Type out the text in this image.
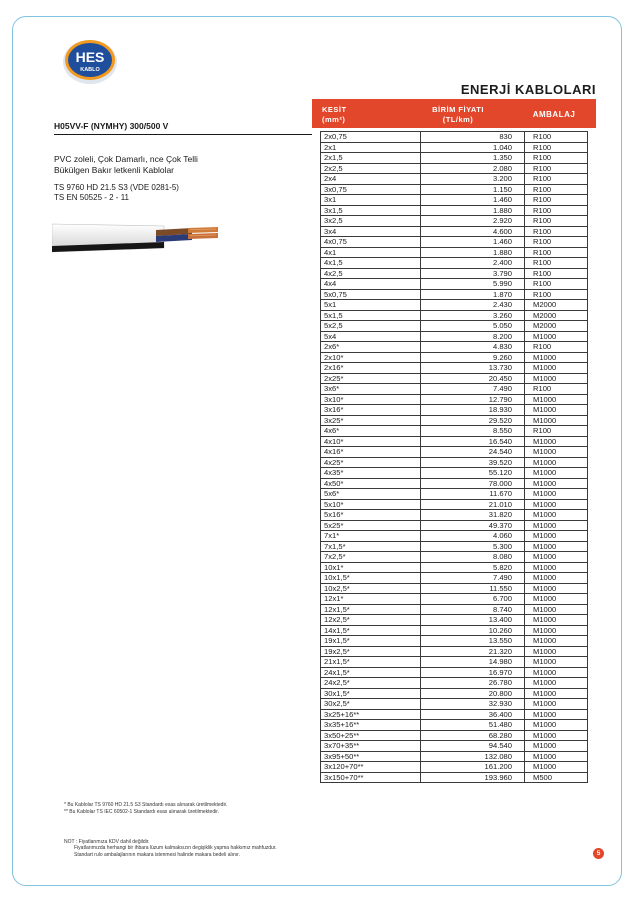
HES
KABLO
ENERJİ KABLOLARI
KESİT
(mm²)
BİRİM FİYATI
(TL/km)
AMBALAJ
H05VV-F (NYMHY) 300/500 V
PVC zoleli, Çok Damarlı, nce Çok Telli
Bükülgen Bakır letkenli Kablolar
TS 9760 HD 21.5 S3 (VDE 0281-5)
TS EN 50525 - 2 - 11
2x0,75	830	R100
2x1	1.040	R100
2x1,5	1.350	R100
2x2,5	2.080	R100
2x4	3.200	R100
3x0,75	1.150	R100
3x1	1.460	R100
3x1,5	1.880	R100
3x2,5	2.920	R100
3x4	4.600	R100
4x0,75	1.460	R100
4x1	1.880	R100
4x1,5	2.400	R100
4x2,5	3.790	R100
4x4	5.990	R100
5x0,75	1.870	R100
5x1	2.430	M2000
5x1,5	3.260	M2000
5x2,5	5.050	M2000
5x4	8.200	M1000
2x6*	4.830	R100
2x10*	9.260	M1000
2x16*	13.730	M1000
2x25*	20.450	M1000
3x6*	7.490	R100
3x10*	12.790	M1000
3x16*	18.930	M1000
3x25*	29.520	M1000
4x6*	8.550	R100
4x10*	16.540	M1000
4x16*	24.540	M1000
4x25*	39.520	M1000
4x35*	55.120	M1000
4x50*	78.000	M1000
5x6*	11.670	M1000
5x10*	21.010	M1000
5x16*	31.820	M1000
5x25*	49.370	M1000
7x1*	4.060	M1000
7x1,5*	5.300	M1000
7x2,5*	8.080	M1000
10x1*	5.820	M1000
10x1,5*	7.490	M1000
10x2,5*	11.550	M1000
12x1*	6.700	M1000
12x1,5*	8.740	M1000
12x2,5*	13.400	M1000
14x1,5*	10.260	M1000
19x1,5*	13.550	M1000
19x2,5*	21.320	M1000
21x1,5*	14.980	M1000
24x1,5*	16.970	M1000
24x2,5*	26.780	M1000
30x1,5*	20.800	M1000
30x2,5*	32.930	M1000
3x25+16**	36.400	M1000
3x35+16**	51.480	M1000
3x50+25**	68.280	M1000
3x70+35**	94.540	M1000
3x95+50**	132.080	M1000
3x120+70**	161.200	M1000
3x150+70**	193.960	M500
* Bu Kablolar TS 9760 HD 21.5 S3 Standardı esas alınarak üretilmektedir.
** Bu Kablolar TS IEC 60502-1 Standardı esas alınarak üretilmektedir.
NOT : Fiyatlarımıza KDV dahil değildir.
Fiyatlarımızda herhangi bir ihbara lüzum kalmaksızın degişiklik yapma hakkımız mahfuzdur.
Standart rulo ambalajlarının makara istenmesi halinde makara bedeli alınır.	5
